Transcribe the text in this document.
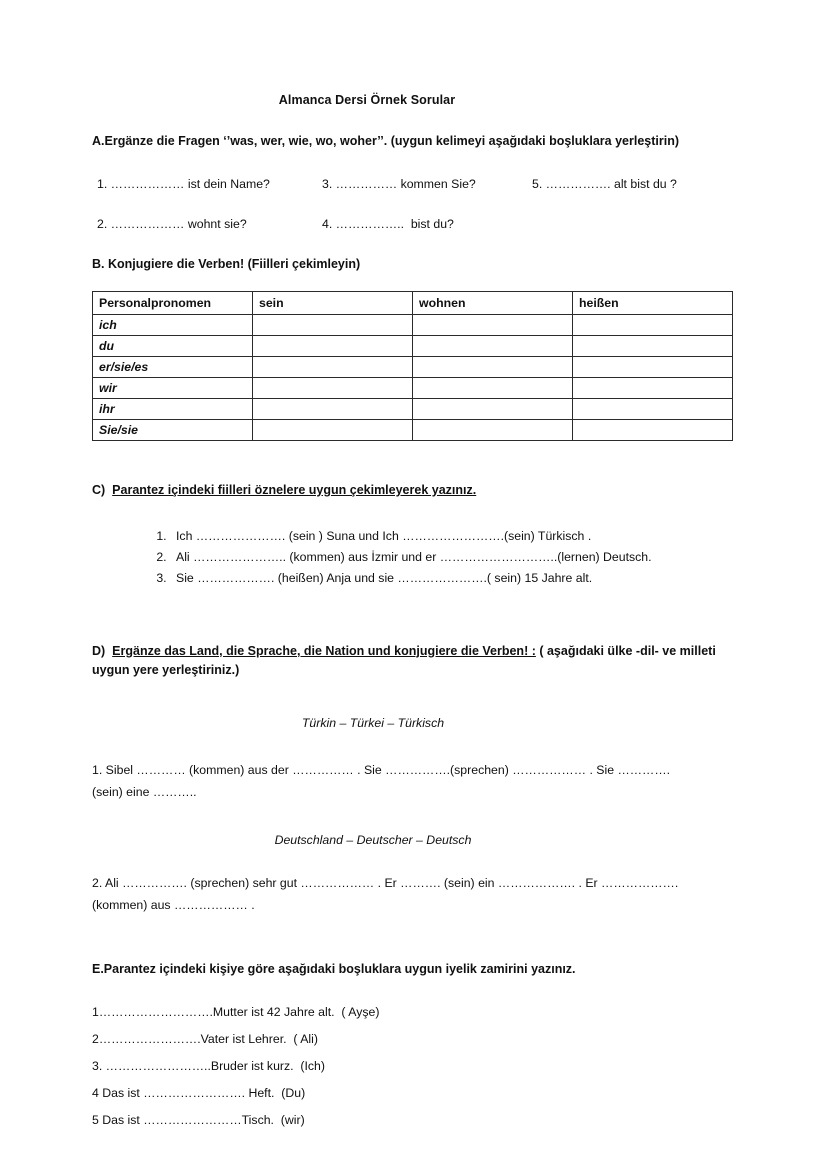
Almanca Dersi Örnek Sorular
A.Ergänze die Fragen ‘’was, wer, wie, wo, woher’’. (uygun kelimeyi aşağıdaki boşluklara yerleştirin)
1. ……………… ist dein Name?	3. …………… kommen Sie?	5. ……………. alt bist du ?
2. ……………… wohnt sie?	4. ……………..  bist du?
B. Konjugiere die Verben! (Fiilleri çekimleyin)
Personalpronomen	sein	wohnen	heißen
ich			
du			
er/sie/es			
wir			
ihr			
Sie/sie			
C) Parantez içindeki fiilleri öznelere uygun çekimleyerek yazınız.
1. Ich …………………. (sein ) Suna und Ich …………………….(sein) Türkisch .
2. Ali ………………….. (kommen) aus İzmir und er ………………………..(lernen) Deutsch.
3. Sie ………………. (heißen) Anja und sie ………………….( sein) 15 Jahre alt.
D) Ergänze das Land, die Sprache, die Nation und konjugiere die Verben! : ( aşağıdaki ülke -dil- ve milleti uygun yere yerleştiriniz.)
Türkin – Türkei – Türkisch
1. Sibel ………… (kommen) aus der …………… . Sie …………….(sprechen) ……………… . Sie ………….
(sein) eine ………..
Deutschland – Deutscher – Deutsch
2. Ali ……………. (sprechen) sehr gut ……………… . Er ………. (sein) ein ………………. . Er ……………….
(kommen) aus ……………… .
E.Parantez içindeki kişiye göre aşağıdaki boşluklara uygun iyelik zamirini yazınız.
1……………………….Mutter ist 42 Jahre alt.  ( Ayşe)
2…………………….Vater ist Lehrer.  ( Ali)
3. ……………………..Bruder ist kurz.  (Ich)
4 Das ist ……………………. Heft.  (Du)
5 Das ist ……………………Tisch.  (wir)
